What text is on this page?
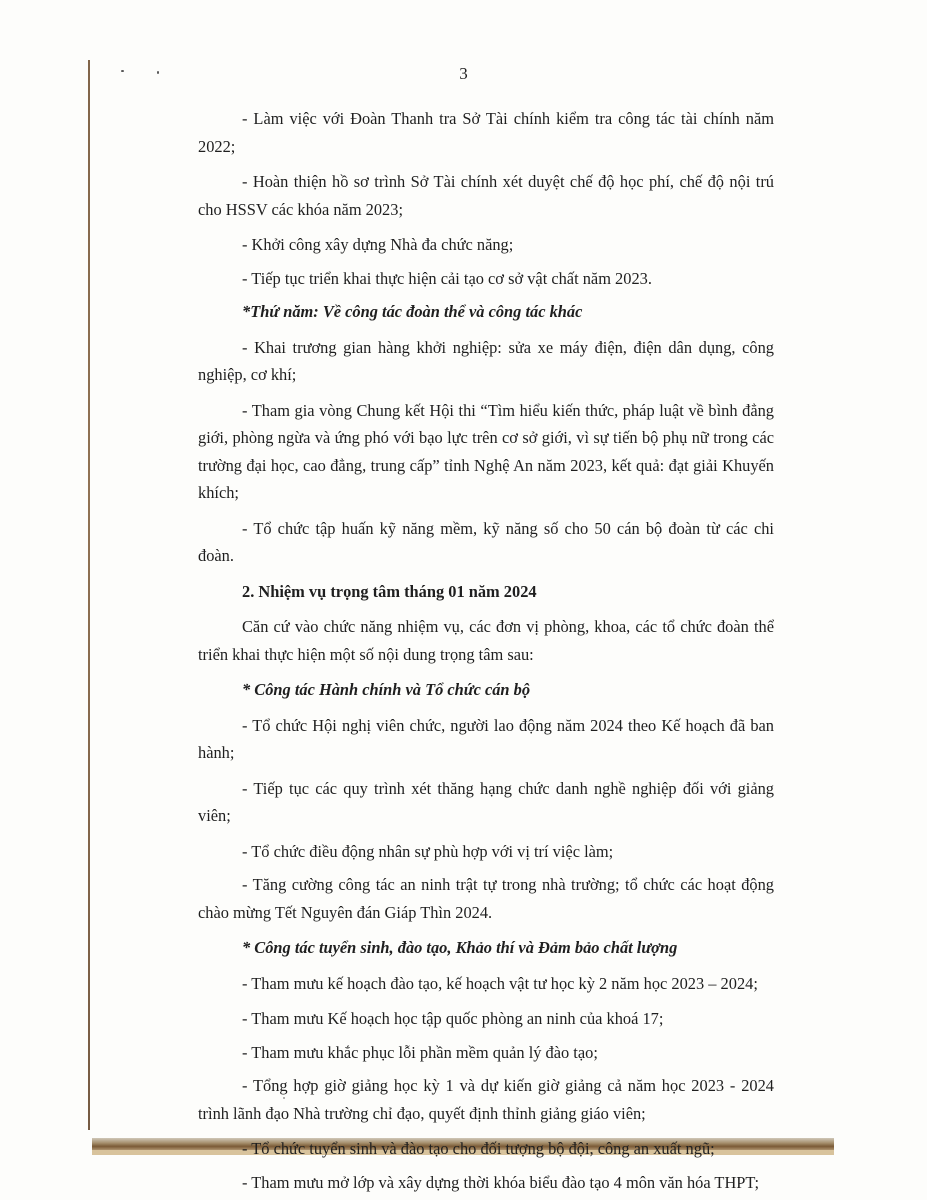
3

- Làm việc với Đoàn Thanh tra Sở Tài chính kiểm tra công tác tài chính năm 2022;

- Hoàn thiện hồ sơ trình Sở Tài chính xét duyệt chế độ học phí, chế độ nội trú cho HSSV các khóa năm 2023;

- Khởi công xây dựng Nhà đa chức năng;

- Tiếp tục triển khai thực hiện cải tạo cơ sở vật chất năm 2023.

*Thứ năm: Về công tác đoàn thể và công tác khác

- Khai trương gian hàng khởi nghiệp: sửa xe máy điện, điện dân dụng, công nghiệp, cơ khí;

- Tham gia vòng Chung kết Hội thi “Tìm hiểu kiến thức, pháp luật về bình đẳng giới, phòng ngừa và ứng phó với bạo lực trên cơ sở giới, vì sự tiến bộ phụ nữ trong các trường đại học, cao đẳng, trung cấp” tỉnh Nghệ An năm 2023, kết quả: đạt giải Khuyến khích;

- Tổ chức tập huấn kỹ năng mềm, kỹ năng số cho 50 cán bộ đoàn từ các chi đoàn.

2. Nhiệm vụ trọng tâm tháng 01 năm 2024

Căn cứ vào chức năng nhiệm vụ, các đơn vị phòng, khoa, các tổ chức đoàn thể triển khai thực hiện một số nội dung trọng tâm sau:

* Công tác Hành chính và Tổ chức cán bộ

- Tổ chức Hội nghị viên chức, người lao động năm 2024 theo Kế hoạch đã ban hành;

- Tiếp tục các quy trình xét thăng hạng chức danh nghề nghiệp đối với giảng viên;

- Tổ chức điều động nhân sự phù hợp với vị trí việc làm;

- Tăng cường công tác an ninh trật tự trong nhà trường; tổ chức các hoạt động chào mừng Tết Nguyên đán Giáp Thìn 2024.

* Công tác tuyển sinh, đào tạo, Khảo thí và Đảm bảo chất lượng

- Tham mưu kế hoạch đào tạo, kế hoạch vật tư học kỳ 2 năm học 2023 – 2024;

- Tham mưu Kế hoạch học tập quốc phòng an ninh của khoá 17;

- Tham mưu khắc phục lỗi phần mềm quản lý đào tạo;

- Tổng hợp giờ giảng học kỳ 1 và dự kiến giờ giảng cả năm học 2023 - 2024 trình lãnh đạo Nhà trường chỉ đạo, quyết định thỉnh giảng giáo viên;

- Tổ chức tuyển sinh và đào tạo cho đối tượng bộ đội, công an xuất ngũ;

- Tham mưu mở lớp và xây dựng thời khóa biểu đào tạo 4 môn văn hóa THPT;
